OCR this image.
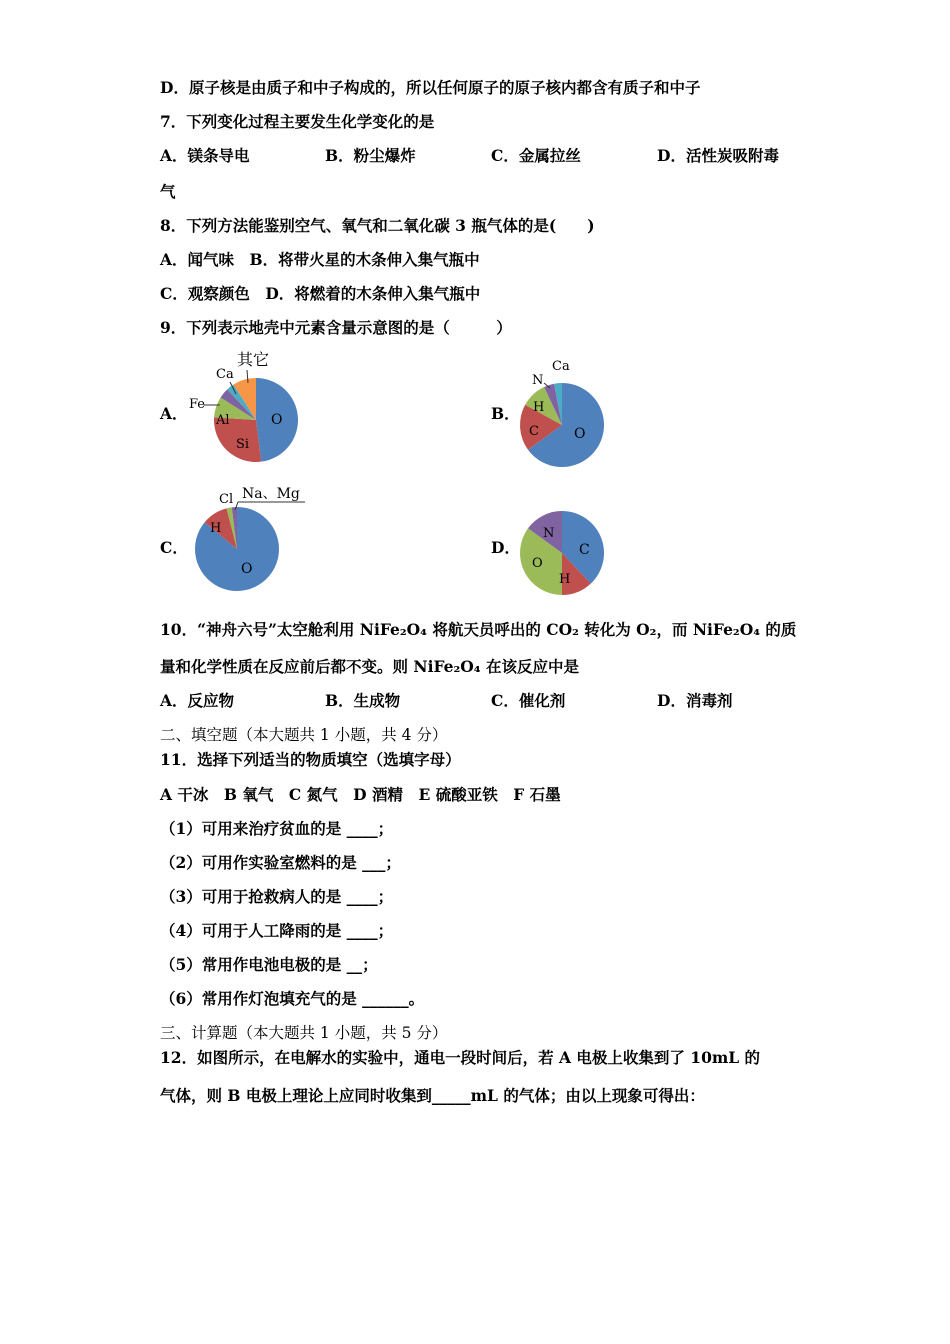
D．原子核是由质子和中子构成的，所以任何原子的原子核内都含有质子和中子
7．下列变化过程主要发生化学变化的是
A．镁条导电	B．粉尘爆炸	C．金属拉丝	D．活性炭吸附毒
气
8．下列方法能鉴别空气、氧气和二氧化碳 3 瓶气体的是(　　)
A．闻气味　B．将带火星的木条伸入集气瓶中
C．观察颜色　D．将燃着的木条伸入集气瓶中
9．下列表示地壳中元素含量示意图的是（　　　）
A．	B．
C．	D．
其它
Ca
Fe
Al
Si
O
Ca
N
H
C	O
Na、Mg
Cl
H
O
N
C
O
H
10．“神舟六号”太空舱利用 NiFe₂O₄ 将航天员呼出的 CO₂ 转化为 O₂，而 NiFe₂O₄ 的质
量和化学性质在反应前后都不变。则 NiFe₂O₄ 在该反应中是
A．反应物	B．生成物	C．催化剂	D．消毒剂
二、填空题（本大题共 1 小题，共 4 分）
11．选择下列适当的物质填空（选填字母）
A 干冰　B 氧气　C 氮气　D 酒精　E 硫酸亚铁　F 石墨
（1）可用来治疗贫血的是 ____；
（2）可用作实验室燃料的是 ___；
（3）可用于抢救病人的是 ____；
（4）可用于人工降雨的是 ____；
（5）常用作电池电极的是 __；
（6）常用作灯泡填充气的是 ______。
三、计算题（本大题共 1 小题，共 5 分）
12．如图所示，在电解水的实验中，通电一段时间后，若 A 电极上收集到了 10mL 的
气体，则 B 电极上理论上应同时收集到_____mL 的气体；由以上现象可得出：
